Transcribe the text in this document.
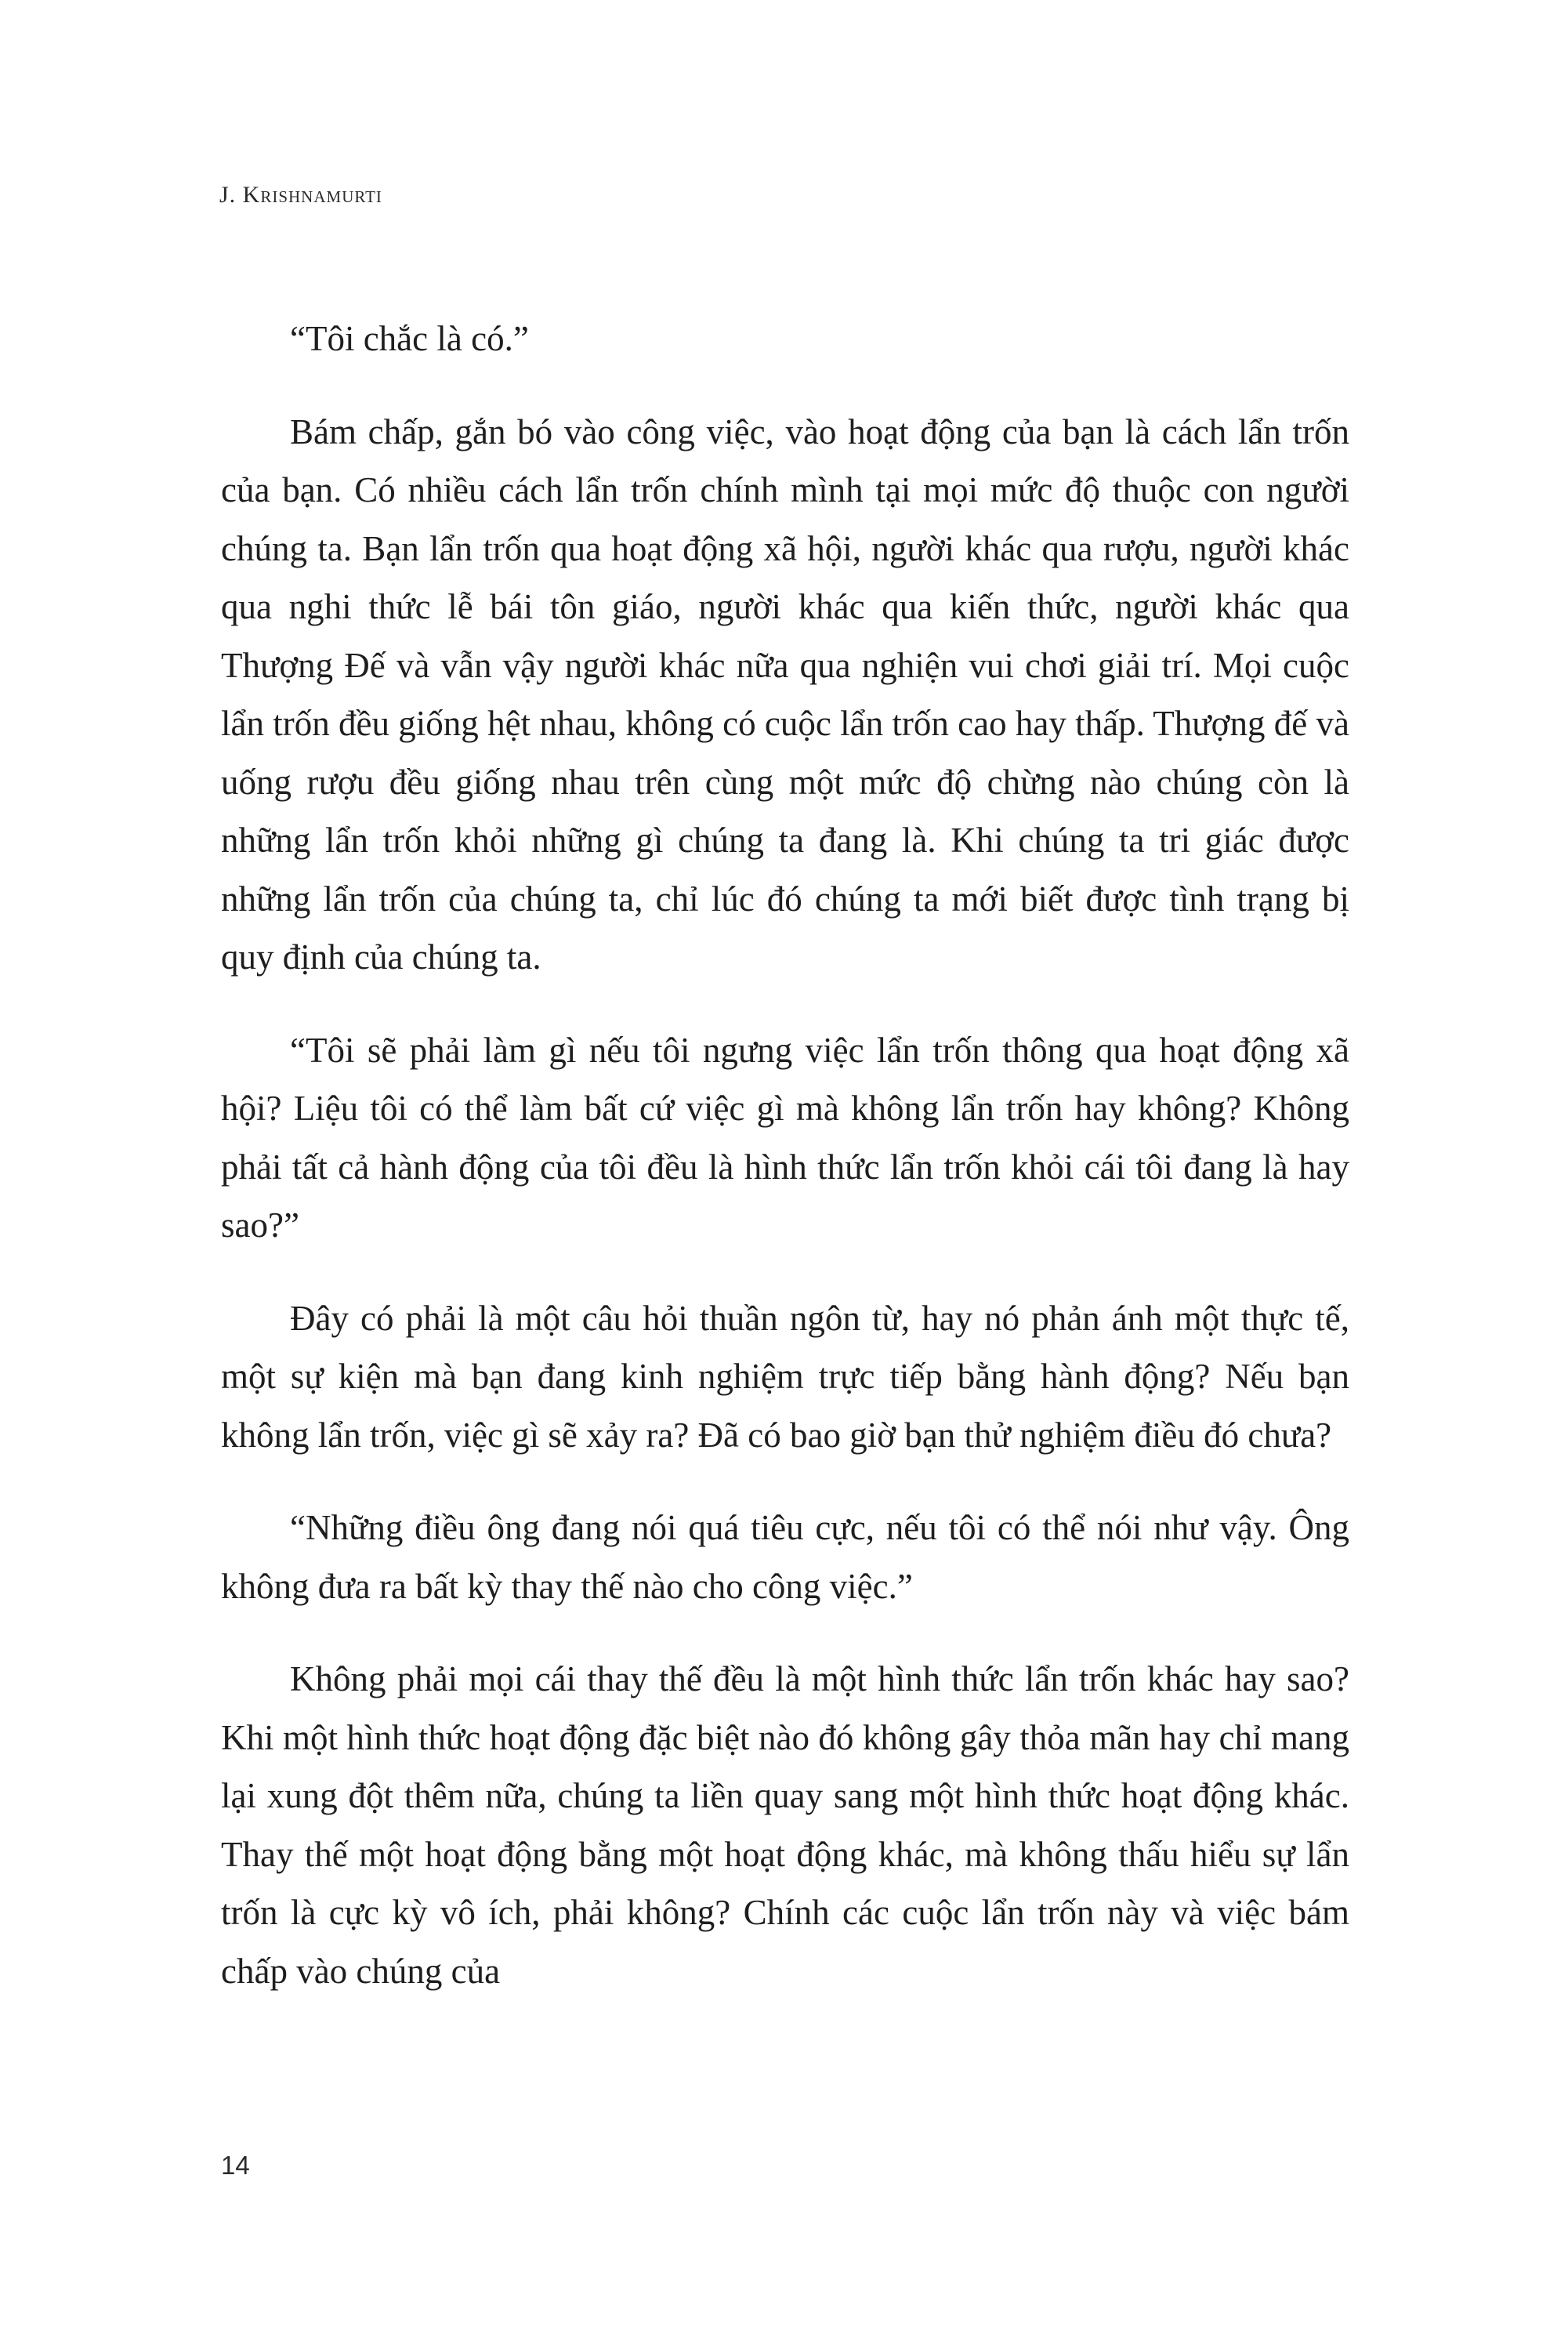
J. Krishnamurti

“Tôi chắc là có.”

Bám chấp, gắn bó vào công việc, vào hoạt động của bạn là cách lẩn trốn của bạn. Có nhiều cách lẩn trốn chính mình tại mọi mức độ thuộc con người chúng ta. Bạn lẩn trốn qua hoạt động xã hội, người khác qua rượu, người khác qua nghi thức lễ bái tôn giáo, người khác qua kiến thức, người khác qua Thượng Đế và vẫn vậy người khác nữa qua nghiện vui chơi giải trí. Mọi cuộc lẩn trốn đều giống hệt nhau, không có cuộc lẩn trốn cao hay thấp. Thượng đế và uống rượu đều giống nhau trên cùng một mức độ chừng nào chúng còn là những lẩn trốn khỏi những gì chúng ta đang là. Khi chúng ta tri giác được những lẩn trốn của chúng ta, chỉ lúc đó chúng ta mới biết được tình trạng bị quy định của chúng ta.

“Tôi sẽ phải làm gì nếu tôi ngưng việc lẩn trốn thông qua hoạt động xã hội? Liệu tôi có thể làm bất cứ việc gì mà không lẩn trốn hay không? Không phải tất cả hành động của tôi đều là hình thức lẩn trốn khỏi cái tôi đang là hay sao?”

Đây có phải là một câu hỏi thuần ngôn từ, hay nó phản ánh một thực tế, một sự kiện mà bạn đang kinh nghiệm trực tiếp bằng hành động? Nếu bạn không lẩn trốn, việc gì sẽ xảy ra? Đã có bao giờ bạn thử nghiệm điều đó chưa?

“Những điều ông đang nói quá tiêu cực, nếu tôi có thể nói như vậy. Ông không đưa ra bất kỳ thay thế nào cho công việc.”

Không phải mọi cái thay thế đều là một hình thức lẩn trốn khác hay sao? Khi một hình thức hoạt động đặc biệt nào đó không gây thỏa mãn hay chỉ mang lại xung đột thêm nữa, chúng ta liền quay sang một hình thức hoạt động khác. Thay thế một hoạt động bằng một hoạt động khác, mà không thấu hiểu sự lẩn trốn là cực kỳ vô ích, phải không? Chính các cuộc lẩn trốn này và việc bám chấp vào chúng của

14
